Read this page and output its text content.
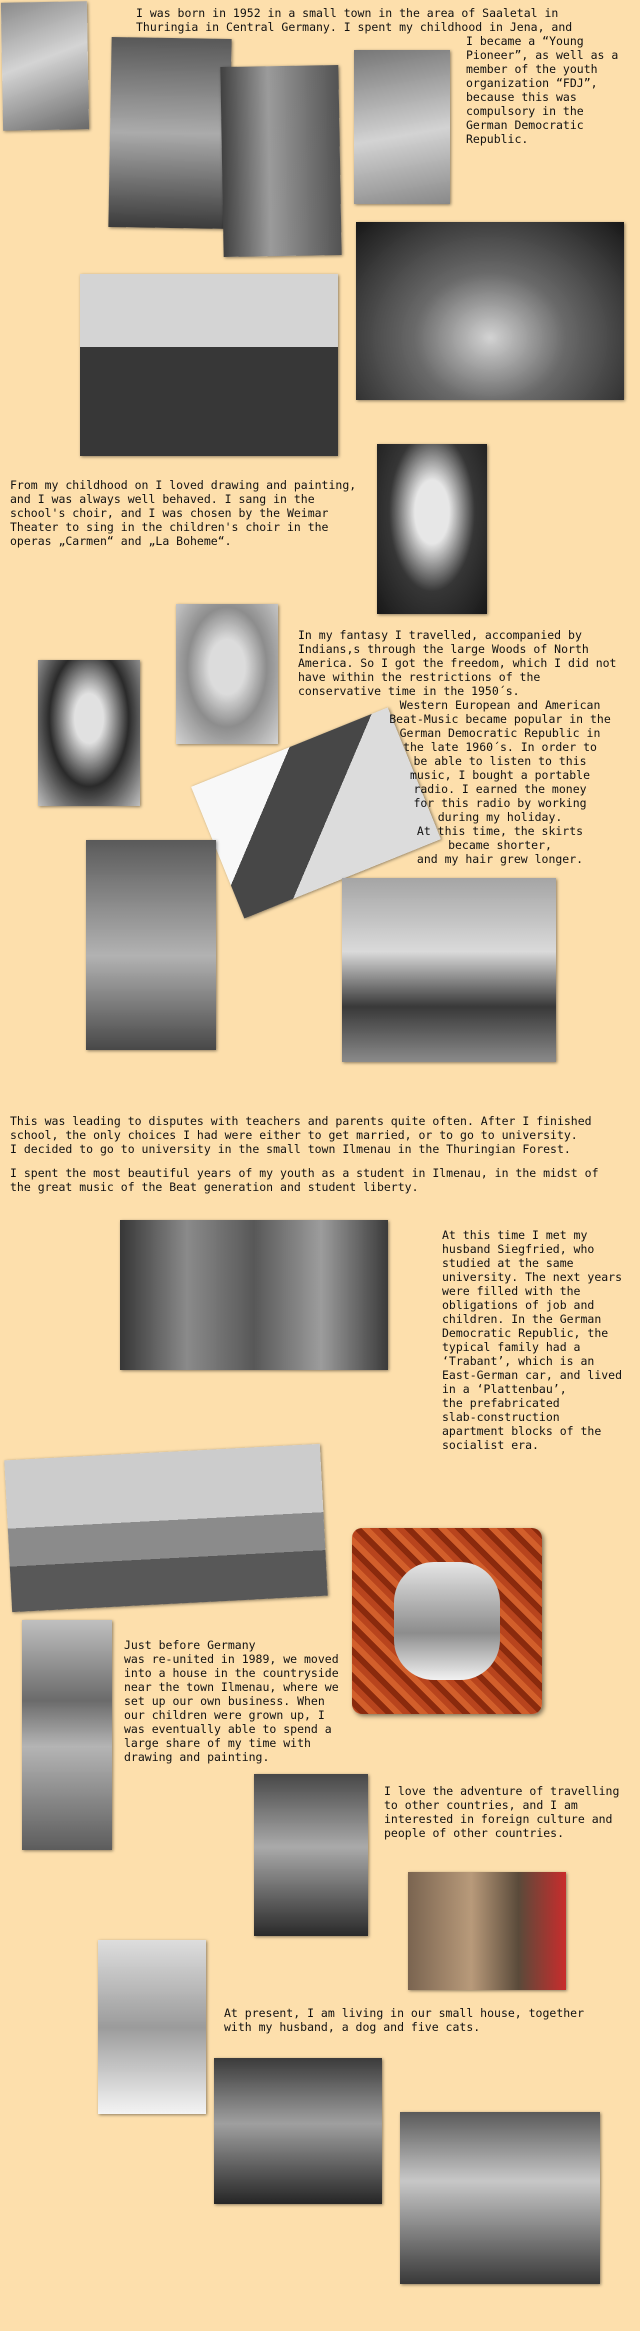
I was born in 1952 in a small town in the area of Saaletal in
Thuringia in Central Germany. I spent my childhood in Jena, and

I became a “Young
Pioneer”, as well as a
member of the youth
organization “FDJ”,
because this was
compulsory in the
German Democratic
Republic.

From my childhood on I loved drawing and painting,
and I was always well behaved. I sang in the
school's choir, and I was chosen by the Weimar
Theater to sing in the children's choir in the
operas „Carmen“ and „La Boheme“.

In my fantasy I travelled, accompanied by
Indians,s through the large Woods of North
America. So I got the freedom, which I did not
have within the restrictions of the
conservative time in the 1950´s.

Western European and American
Beat-Music became popular in the
German Democratic Republic in
the late 1960´s. In order to
be able to listen to this
music, I bought a portable
radio. I earned the money
for this radio by working
during my holiday.
At this time, the skirts
became shorter,
and my hair grew longer.

This was leading to disputes with teachers and parents quite often. After I finished
school, the only choices I had were either to get married, or to go to university.
I decided to go to university in the small town Ilmenau in the Thuringian Forest.

I spent the most beautiful years of my youth as a student in Ilmenau, in the midst of
the great music of the Beat generation and student liberty.

At this time I met my
husband Siegfried, who
studied at the same
university. The next years
were filled with the
obligations of job and
children. In the German
Democratic Republic, the
typical family had a
‘Trabant’, which is an
East-German car, and lived
in a ‘Plattenbau’,
the prefabricated
slab-construction
apartment blocks of the
socialist era.

Just before Germany
was re-united in 1989, we moved
into a house in the countryside
near the town Ilmenau, where we
set up our own business. When
our children were grown up, I
was eventually able to spend a
large share of my time with
drawing and painting.

I love the adventure of travelling
to other countries, and I am
interested in foreign culture and
people of other countries.

At present, I am living in our small house, together
with my husband, a dog and five cats.
